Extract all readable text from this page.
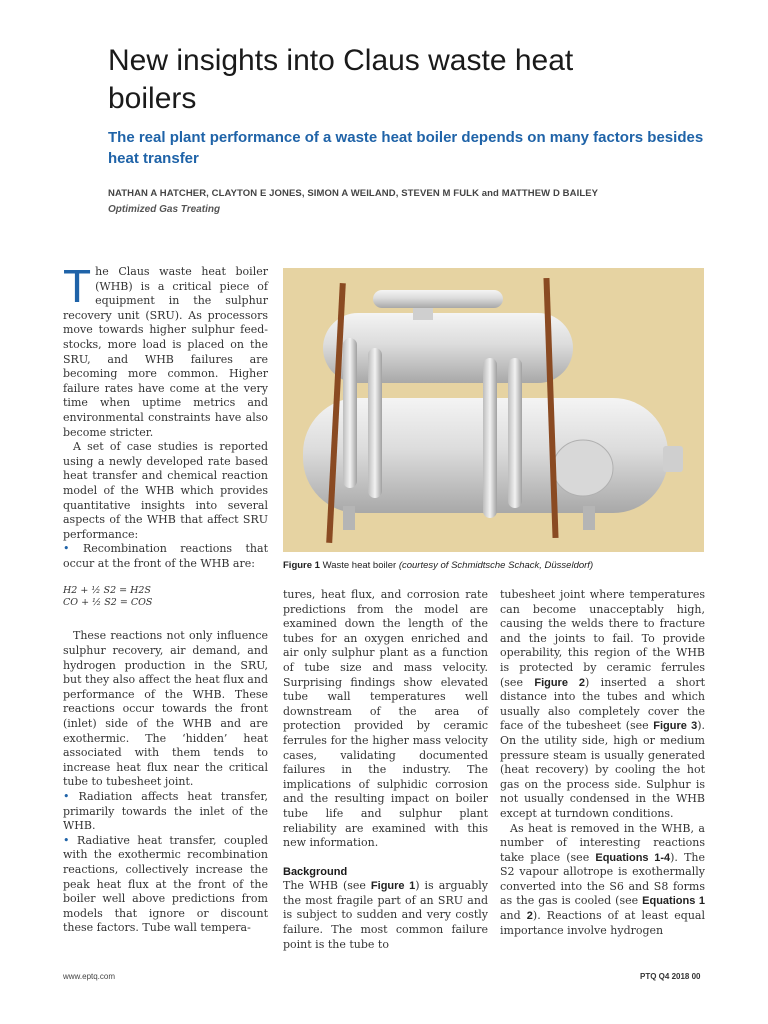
New insights into Claus waste heat boilers
The real plant performance of a waste heat boiler depends on many factors besides heat transfer
NATHAN A HATCHER, CLAYTON E JONES, SIMON A WEILAND, STEVEN M FULK and MATTHEW D BAILEY
Optimized Gas Treating

The Claus waste heat boiler (WHB) is a critical piece of equipment in the sulphur recovery unit (SRU). As processors move towards higher sulphur feed-stocks, more load is placed on the SRU, and WHB failures are becoming more common. Higher failure rates have come at the very time when uptime metrics and environmental constraints have also become stricter.

A set of case studies is reported using a newly developed rate based heat transfer and chemical reaction model of the WHB which provides quantitative insights into several aspects of the WHB that affect SRU performance:

• Recombination reactions that occur at the front of the WHB are:

H2 + ½ S2 = H2S
CO + ½ S2 = COS

These reactions not only influence sulphur recovery, air demand, and hydrogen production in the SRU, but they also affect the heat flux and performance of the WHB. These reactions occur towards the front (inlet) side of the WHB and are exothermic. The ‘hidden’ heat associated with them tends to increase heat flux near the critical tube to tubesheet joint.

• Radiation affects heat transfer, primarily towards the inlet of the WHB.

• Radiative heat transfer, coupled with the exothermic recombination reactions, collectively increase the peak heat flux at the front of the boiler well above predictions from models that ignore or discount these factors. Tube wall tempera-

Figure 1 Waste heat boiler (courtesy of Schmidtsche Schack, Düsseldorf)

tures, heat flux, and corrosion rate predictions from the model are examined down the length of the tubes for an oxygen enriched and air only sulphur plant as a function of tube size and mass velocity. Surprising findings show elevated tube wall temperatures well downstream of the area of protection provided by ceramic ferrules for the higher mass velocity cases, validating documented failures in the industry. The implications of sulphidic corrosion and the resulting impact on boiler tube life and sulphur plant reliability are examined with this new information.

Background

The WHB (see Figure 1) is arguably the most fragile part of an SRU and is subject to sudden and very costly failure. The most common failure point is the tube to

tubesheet joint where temperatures can become unacceptably high, causing the welds there to fracture and the joints to fail. To provide operability, this region of the WHB is protected by ceramic ferrules (see Figure 2) inserted a short distance into the tubes and which usually also completely cover the face of the tubesheet (see Figure 3). On the utility side, high or medium pressure steam is usually generated (heat recovery) by cooling the hot gas on the process side. Sulphur is not usually condensed in the WHB except at turndown conditions.

As heat is removed in the WHB, a number of interesting reactions take place (see Equations 1-4). The S2 vapour allotrope is exothermally converted into the S6 and S8 forms as the gas is cooled (see Equations 1 and 2). Reactions of at least equal importance involve hydrogen

www.eptq.com	PTQ Q4 2018 00
